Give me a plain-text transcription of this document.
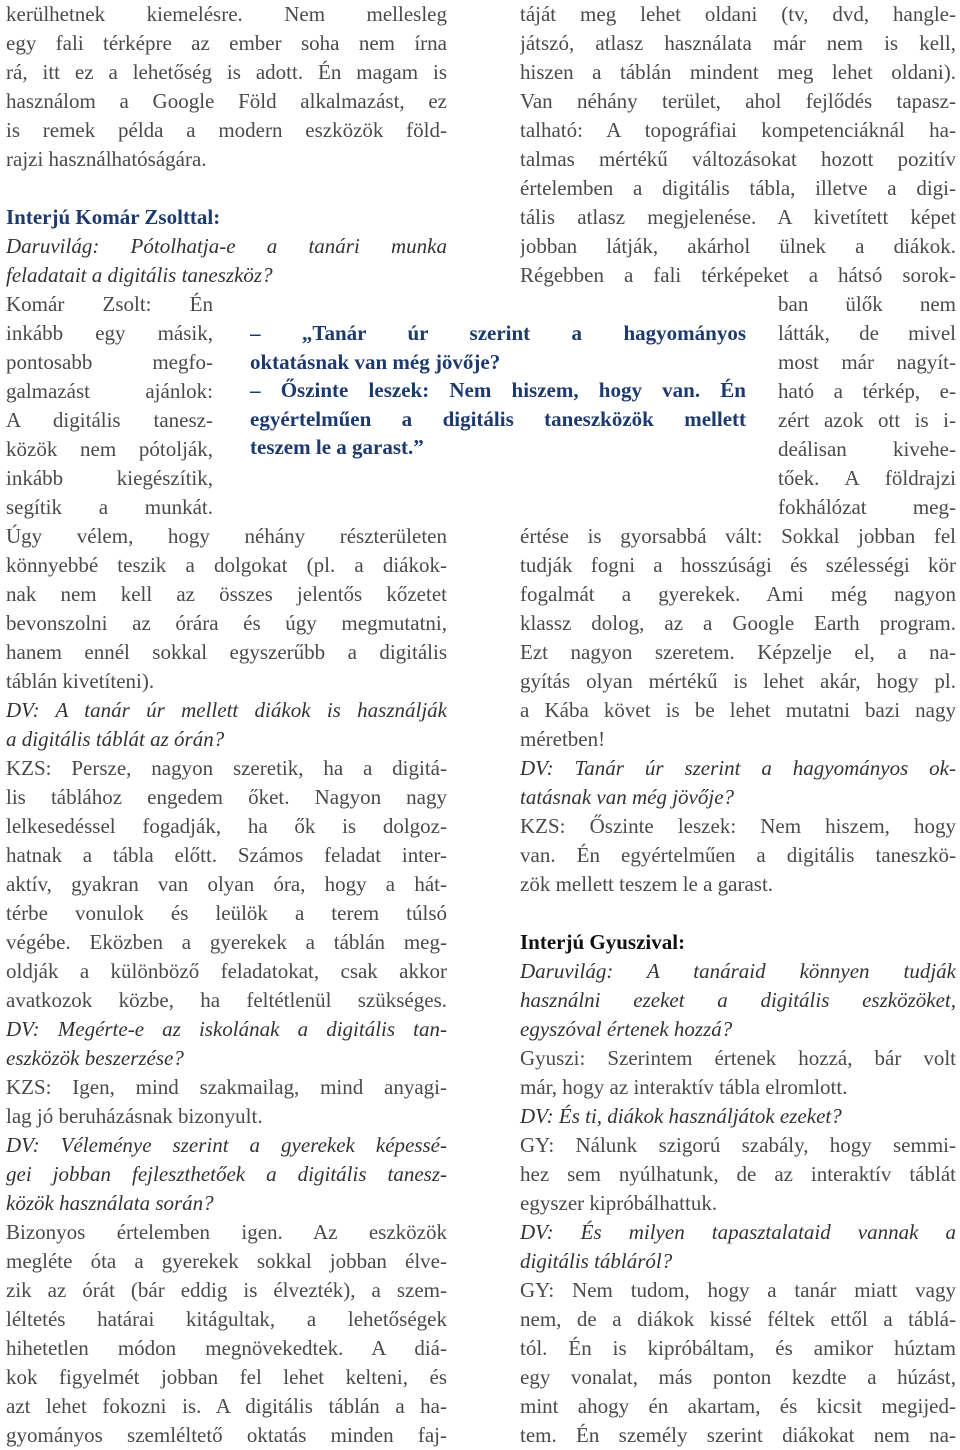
kerülhetnek kiemelésre. Nem mellesleg
egy fali térképre az ember soha nem írna
rá, itt ez a lehetőség is adott. Én magam is
használom a Google Föld alkalmazást, ez
is remek példa a modern eszközök föld-
rajzi használhatóságára.
Interjú Komár Zsolttal:
Daruvilág: Pótolhatja-e a tanári munka
feladatait a digitális taneszköz?
Komár Zsolt: Én
inkább egy másik,
pontosabb megfo-
galmazást ajánlok:
A digitális tanesz-
közök nem pótolják,
inkább kiegészítik,
segítik a munkát.
Úgy vélem, hogy néhány részterületen
könnyebbé teszik a dolgokat (pl. a diákok-
nak nem kell az összes jelentős kőzetet
bevonszolni az órára és úgy megmutatni,
hanem ennél sokkal egyszerűbb a digitális
táblán kivetíteni).
DV: A tanár úr mellett diákok is használják
a digitális táblát az órán?
KZS: Persze, nagyon szeretik, ha a digitá-
lis táblához engedem őket. Nagyon nagy
lelkesedéssel fogadják, ha ők is dolgoz-
hatnak a tábla előtt. Számos feladat inter-
aktív, gyakran van olyan óra, hogy a hát-
térbe vonulok és leülök a terem túlsó
végébe. Eközben a gyerekek a táblán meg-
oldják a különböző feladatokat, csak akkor
avatkozok közbe, ha feltétlenül szükséges.
DV: Megérte-e az iskolának a digitális tan-
eszközök beszerzése?
KZS: Igen, mind szakmailag, mind anyagi-
lag jó beruházásnak bizonyult.
DV: Véleménye szerint a gyerekek képessé-
gei jobban fejleszthetőek a digitális tanesz-
közök használata során?
Bizonyos értelemben igen. Az eszközök
megléte óta a gyerekek sokkal jobban élve-
zik az órát (bár eddig is élvezték), a szem-
léltetés határai kitágultak, a lehetőségek
hihetetlen módon megnövekedtek. A diá-
kok figyelmét jobban fel lehet kelteni, és
azt lehet fokozni is. A digitális táblán a ha-
gyományos szemléltető oktatás minden faj-
táját meg lehet oldani (tv, dvd, hangle-
játszó, atlasz használata már nem is kell,
hiszen a táblán mindent meg lehet oldani).
Van néhány terület, ahol fejlődés tapasz-
talható: A topográfiai kompetenciáknál ha-
talmas mértékű változásokat hozott pozitív
értelemben a digitális tábla, illetve a digi-
tális atlasz megjelenése. A kivetített képet
jobban látják, akárhol ülnek a diákok.
Régebben a fali térképeket a hátsó sorok-
ban ülők nem
látták, de mivel
most már nagyít-
ható a térkép, e-
zért azok ott is i-
deálisan kivehe-
tőek. A földrajzi
fokhálózat meg-
értése is gyorsabbá vált: Sokkal jobban fel
tudják fogni a hosszúsági és szélességi kör
fogalmát a gyerekek. Ami még nagyon
klassz dolog, az a Google Earth program.
Ezt nagyon szeretem. Képzelje el, a na-
gyítás olyan mértékű is lehet akár, hogy pl.
a Kába követ is be lehet mutatni bazi nagy
méretben!
DV: Tanár úr szerint a hagyományos ok-
tatásnak van még jövője?
KZS: Őszinte leszek: Nem hiszem, hogy
van. Én egyértelműen a digitális taneszkö-
zök mellett teszem le a garast.
Interjú Gyuszival:
Daruvilág: A tanáraid könnyen tudják
használni ezeket a digitális eszközöket,
egyszóval értenek hozzá?
Gyuszi: Szerintem értenek hozzá, bár volt
már, hogy az interaktív tábla elromlott.
DV: És ti, diákok használjátok ezeket?
GY: Nálunk szigorú szabály, hogy semmi-
hez sem nyúlhatunk, de az interaktív táblát
egyszer kipróbálhattuk.
DV: És milyen tapasztalataid vannak a
digitális tábláról?
GY: Nem tudom, hogy a tanár miatt vagy
nem, de a diákok kissé féltek ettől a táblá-
tól. Én is kipróbáltam, és amikor húztam
egy vonalat, más ponton kezdte a húzást,
mint ahogy én akartam, és kicsit megijed-
tem. Én személy szerint diákokat nem na-
– „Tanár úr szerint a hagyományos
oktatásnak van még jövője?
– Őszinte leszek: Nem hiszem, hogy van. Én
egyértelműen a digitális taneszközök mellett
teszem le a garast.”
